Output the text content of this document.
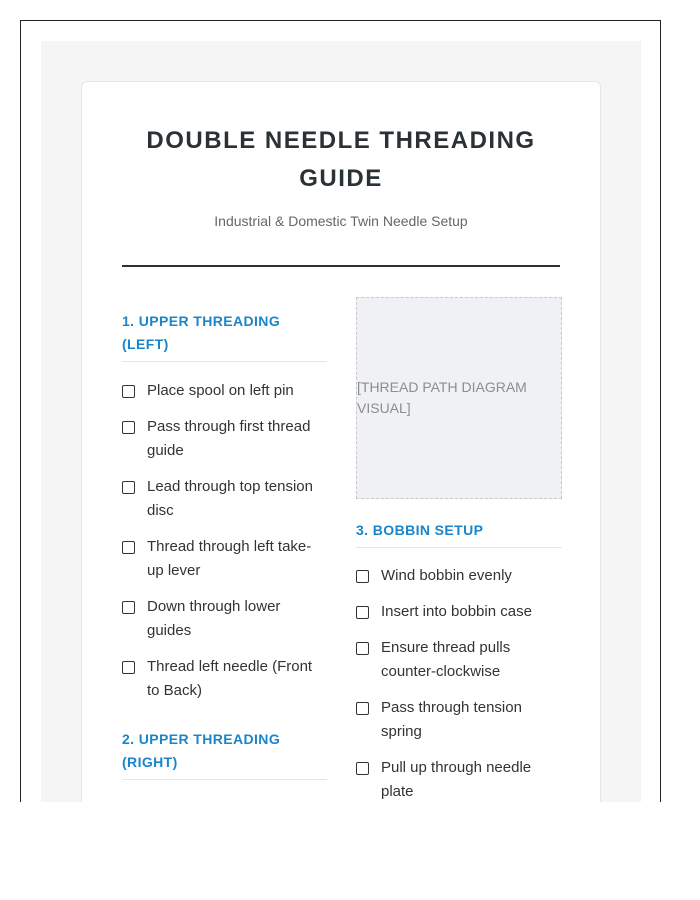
DOUBLE NEEDLE THREADING
GUIDE
Industrial & Domestic Twin Needle Setup
1. UPPER THREADING (LEFT)
Place spool on left pin
Pass through first thread guide
Lead through top tension disc
Thread through left take-up lever
Down through lower guides
Thread left needle (Front to Back)
2. UPPER THREADING (RIGHT)
[THREAD PATH DIAGRAM VISUAL]
3. BOBBIN SETUP
Wind bobbin evenly
Insert into bobbin case
Ensure thread pulls counter-clockwise
Pass through tension spring
Pull up through needle plate
